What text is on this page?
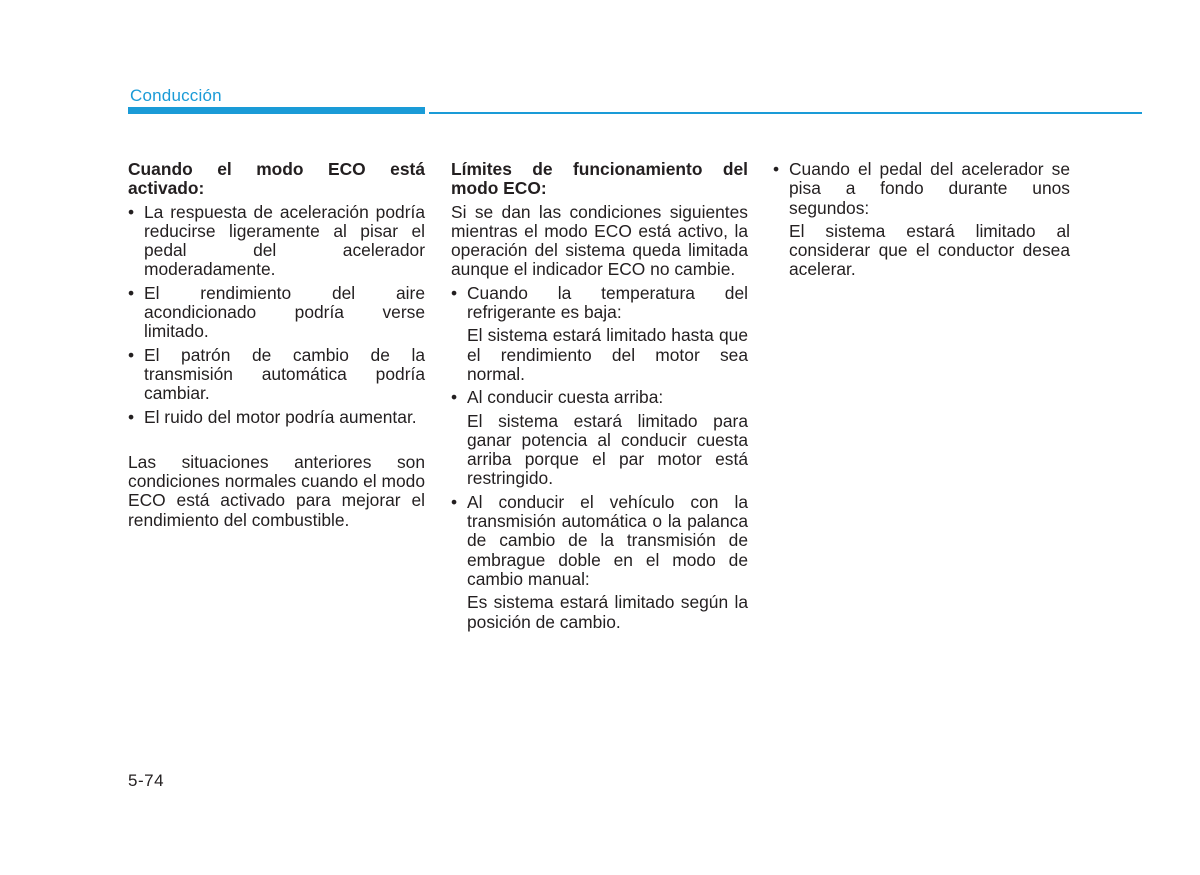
Conducción
Cuando el modo ECO está activado:
• La respuesta de aceleración podría reducirse ligeramente al pisar el pedal del acelerador moderadamente.
• El rendimiento del aire acondicionado podría verse limitado.
• El patrón de cambio de la transmisión automática podría cambiar.
• El ruido del motor podría aumentar.

Las situaciones anteriores son condiciones normales cuando el modo ECO está activado para mejorar el rendimiento del combustible.

Límites de funcionamiento del modo ECO:

Si se dan las condiciones siguientes mientras el modo ECO está activo, la operación del sistema queda limitada aunque el indicador ECO no cambie.

• Cuando la temperatura del refrigerante es baja:
El sistema estará limitado hasta que el rendimiento del motor sea normal.
• Al conducir cuesta arriba:
El sistema estará limitado para ganar potencia al conducir cuesta arriba porque el par motor está restringido.
• Al conducir el vehículo con la transmisión automática o la palanca de cambio de la transmisión de embrague doble en el modo de cambio manual:
Es sistema estará limitado según la posición de cambio.
• Cuando el pedal del acelerador se pisa a fondo durante unos segundos:
El sistema estará limitado al considerar que el conductor desea acelerar.
5-74
